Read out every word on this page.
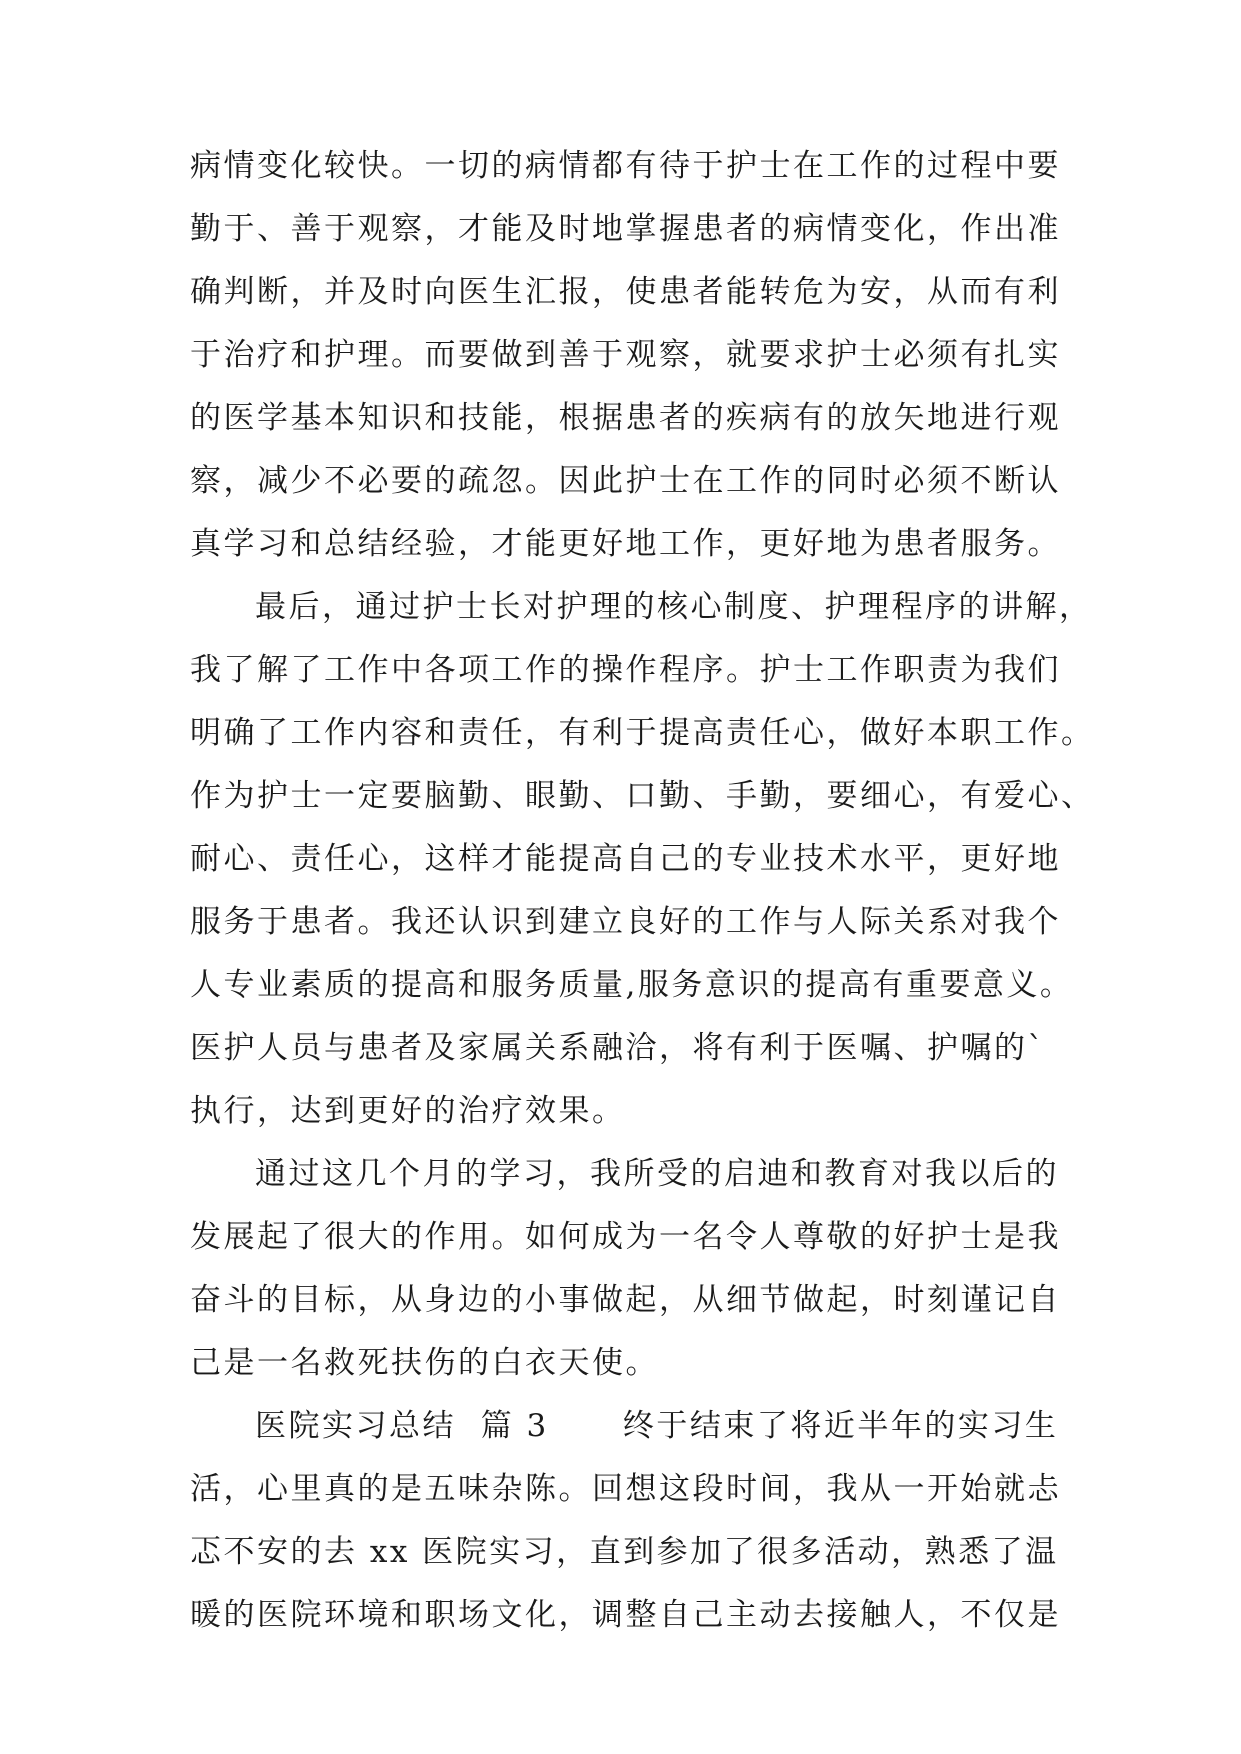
病情变化较快。一切的病情都有待于护士在工作的过程中要
勤于、善于观察，才能及时地掌握患者的病情变化，作出准
确判断，并及时向医生汇报，使患者能转危为安，从而有利
于治疗和护理。而要做到善于观察，就要求护士必须有扎实
的医学基本知识和技能，根据患者的疾病有的放矢地进行观
察，减少不必要的疏忽。因此护士在工作的同时必须不断认
真学习和总结经验，才能更好地工作，更好地为患者服务。
最后，通过护士长对护理的核心制度、护理程序的讲解，
我了解了工作中各项工作的操作程序。护士工作职责为我们
明确了工作内容和责任，有利于提高责任心，做好本职工作。
作为护士一定要脑勤、眼勤、口勤、手勤，要细心，有爱心、
耐心、责任心，这样才能提高自己的专业技术水平，更好地
服务于患者。我还认识到建立良好的工作与人际关系对我个
人专业素质的提高和服务质量,服务意识的提高有重要意义。
医护人员与患者及家属关系融洽，将有利于医嘱、护嘱的`
执行，达到更好的治疗效果。
通过这几个月的学习，我所受的启迪和教育对我以后的
发展起了很大的作用。如何成为一名令人尊敬的好护士是我
奋斗的目标，从身边的小事做起，从细节做起，时刻谨记自
己是一名救死扶伤的白衣天使。
医院实习总结  篇 3      终于结束了将近半年的实习生
活，心里真的是五味杂陈。回想这段时间，我从一开始就忐
忑不安的去 xx 医院实习，直到参加了很多活动，熟悉了温
暖的医院环境和职场文化，调整自己主动去接触人，不仅是
